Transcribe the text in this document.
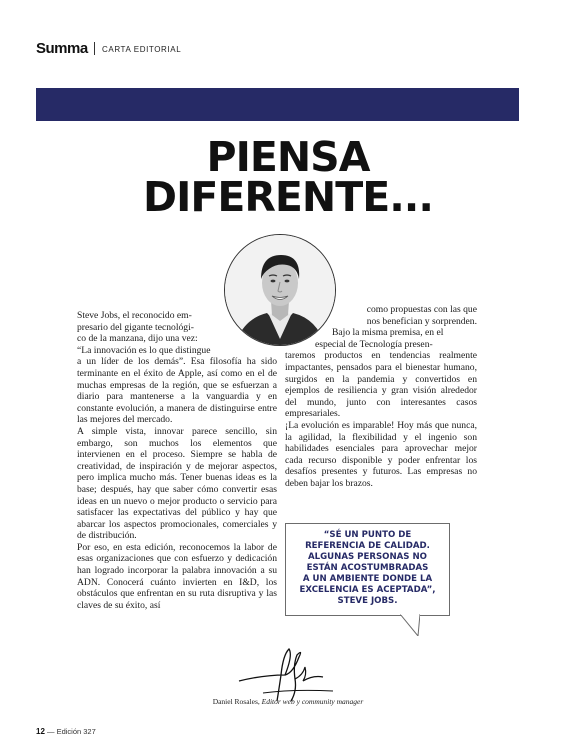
Summa CARTA EDITORIAL
PIENSA
DIFERENTE...

Steve Jobs, el reconocido em-

presario del gigante tecnológi-

co de la manzana, dijo una vez:

“La innovación es lo que distingue

a un líder de los demás”. Esa filosofía ha sido terminante en el éxito de Apple, así como en el de muchas empresas de la región, que se esfuerzan a diario para mantenerse a la vanguardia y en constante evolución, a manera de distinguirse entre las mejores del mercado.

A simple vista, innovar parece sencillo, sin embargo, son muchos los elementos que intervienen en el proceso. Siempre se habla de creatividad, de inspiración y de mejorar aspectos, pero implica mucho más. Tener buenas ideas es la base; después, hay que saber cómo convertir esas ideas en un nuevo o mejor producto o servicio para satisfacer las expectativas del público y hay que abarcar los aspectos promocionales, comerciales y de distribución.

Por eso, en esta edición, reconocemos la labor de esas organizaciones que con esfuerzo y dedicación han logrado incorporar la palabra innovación a su ADN. Conocerá cuánto invierten en I&D, los obstáculos que enfrentan en su ruta disruptiva y las claves de su éxito, así

como propuestas con las que

nos benefician y sorprenden.

Bajo la misma premisa, en el

especial de Tecnología presen-

taremos productos en tendencias realmente impactantes, pensados para el bienestar humano, surgidos en la pandemia y convertidos en ejemplos de resiliencia y gran visión alrededor del mundo, junto con interesantes casos empresariales.

¡La evolución es imparable! Hoy más que nunca, la agilidad, la flexibilidad y el ingenio son habilidades esenciales para aprovechar mejor cada recurso disponible y poder enfrentar los desafíos presentes y futuros. Las empresas no deben bajar los brazos.

“SÉ UN PUNTO DE
REFERENCIA DE CALIDAD.
ALGUNAS PERSONAS NO
ESTÁN ACOSTUMBRADAS
A UN AMBIENTE DONDE LA
EXCELENCIA ES ACEPTADA”,
STEVE JOBS.
Daniel Rosales, Editor web y community manager
12 — Edición 327
